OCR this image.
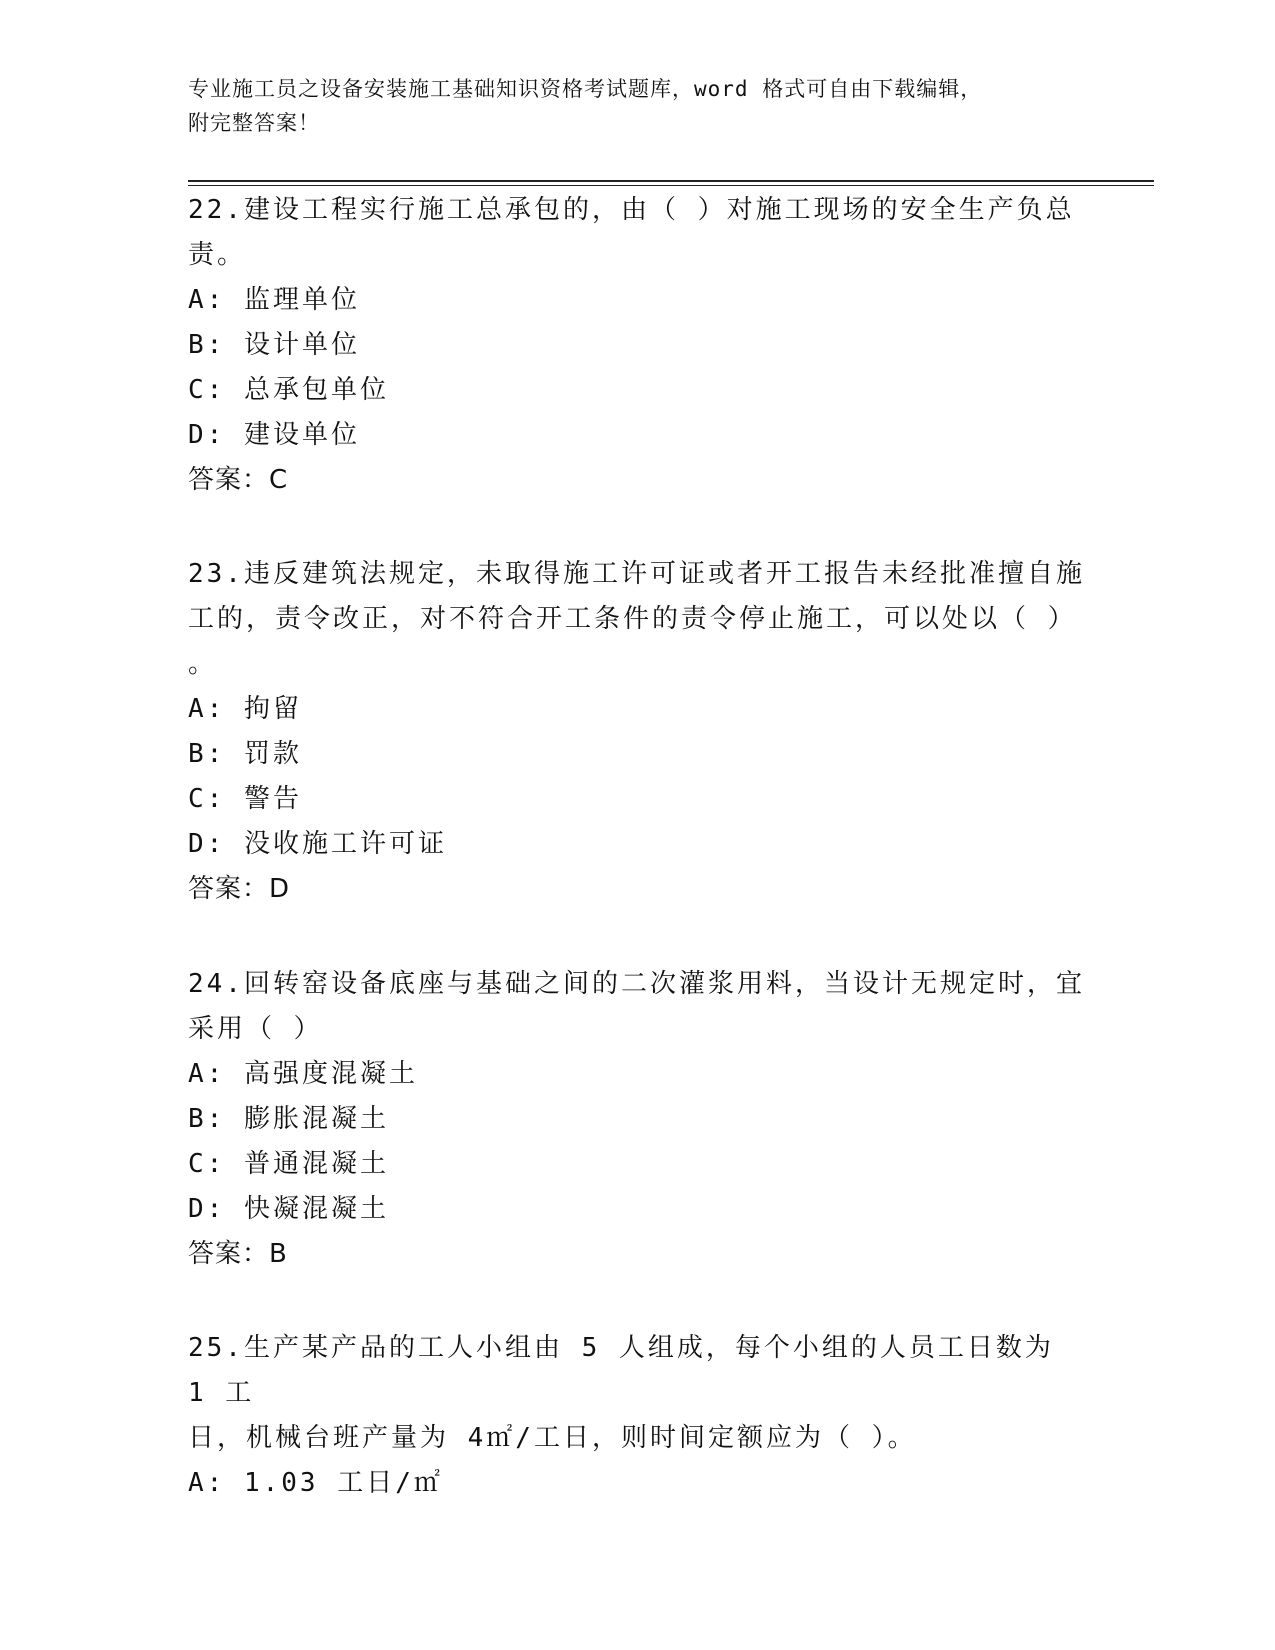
专业施工员之设备安装施工基础知识资格考试题库，word 格式可自由下载编辑，
附完整答案！

22.建设工程实行施工总承包的，由（ ）对施工现场的安全生产负总

责。

A: 监理单位

B: 设计单位

C: 总承包单位

D: 建设单位

答案：C

23.违反建筑法规定，未取得施工许可证或者开工报告未经批准擅自施

工的，责令改正，对不符合开工条件的责令停止施工，可以处以（ ）

。

A: 拘留

B: 罚款

C: 警告

D: 没收施工许可证

答案：D

24.回转窑设备底座与基础之间的二次灌浆用料，当设计无规定时，宜

采用（ ）

A: 高强度混凝土

B: 膨胀混凝土

C: 普通混凝土

D: 快凝混凝土

答案：B

25.生产某产品的工人小组由 5 人组成，每个小组的人员工日数为 1 工

日，机械台班产量为 4㎡/工日，则时间定额应为（ ）。

A: 1.03 工日/㎡
